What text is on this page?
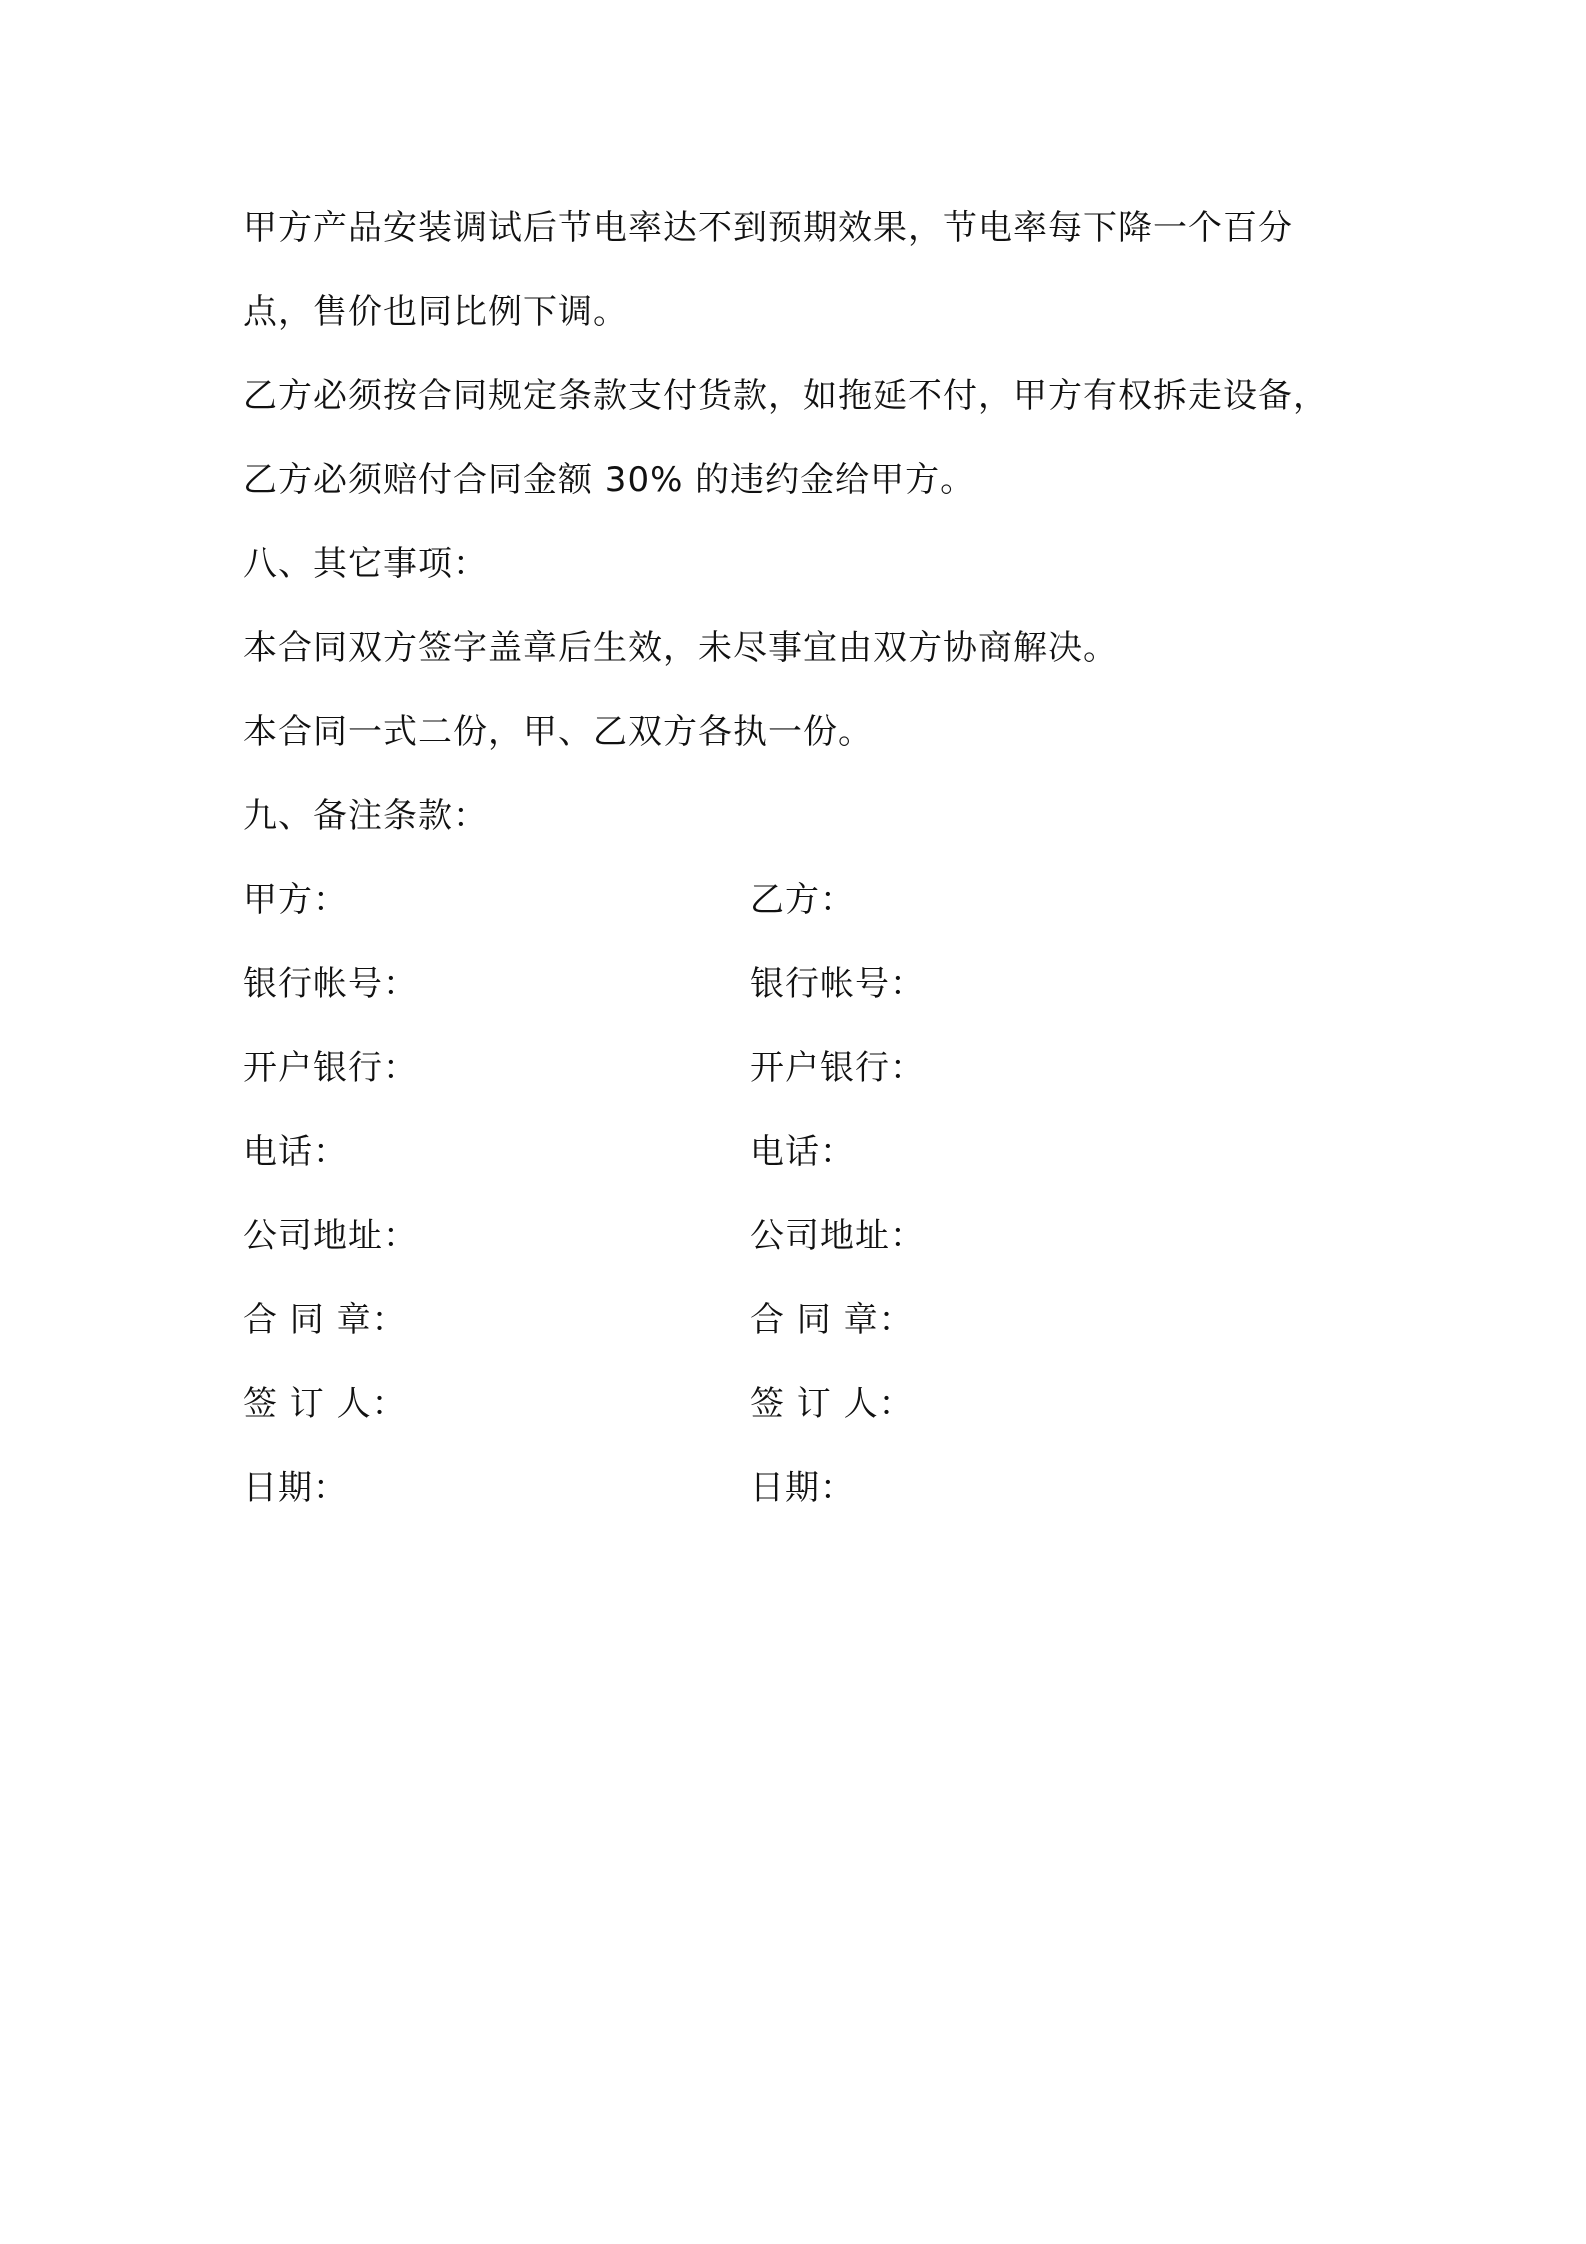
甲方产品安装调试后节电率达不到预期效果，节电率每下降一个百分
点，售价也同比例下调。
乙方必须按合同规定条款支付货款，如拖延不付，甲方有权拆走设备，
乙方必须赔付合同金额 30% 的违约金给甲方。
八、其它事项：
本合同双方签字盖章后生效，未尽事宜由双方协商解决。
本合同一式二份，甲、乙双方各执一份。
九、备注条款：
甲方：
银行帐号：
开户银行：
电话：
公司地址：
合 同 章：
签 订 人：
日期：
乙方：
银行帐号：
开户银行：
电话：
公司地址：
合 同 章：
签 订 人：
日期：
